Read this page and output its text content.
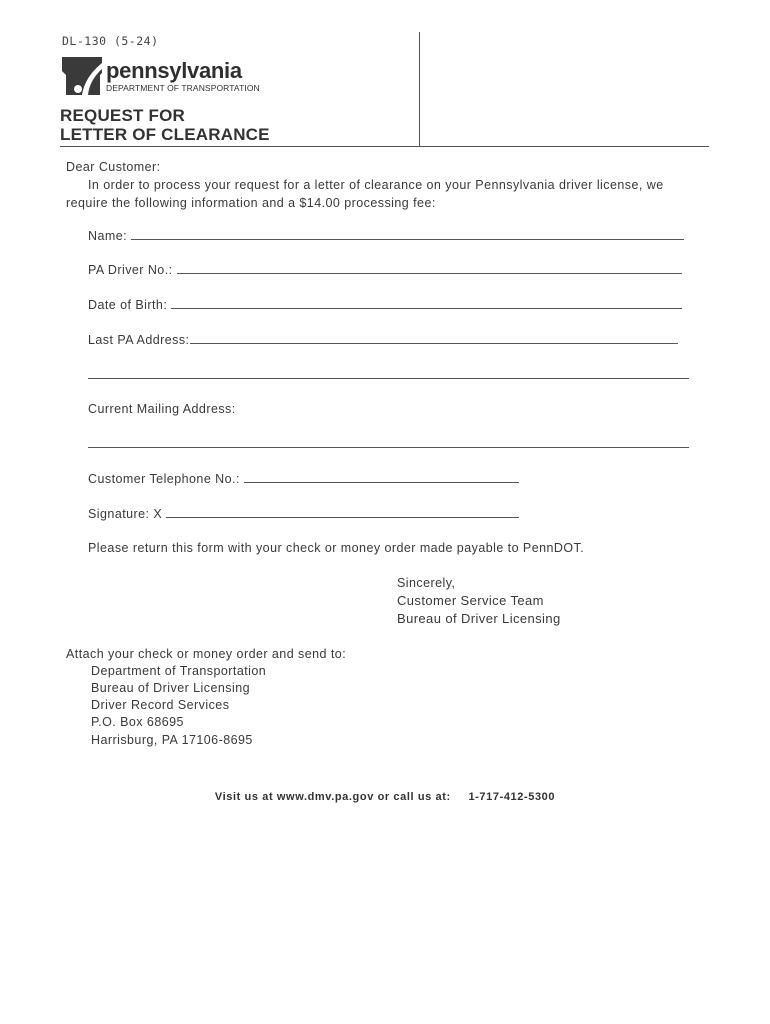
DL-130 (5-24)
pennsylvania
DEPARTMENT OF TRANSPORTATION
REQUEST FOR
LETTER OF CLEARANCE
Dear Customer:
In order to process your request for a letter of clearance on your Pennsylvania driver license, we
require the following information and a $14.00 processing fee:
Name:
PA Driver No.:
Date of Birth:
Last PA Address:
Current Mailing Address:
Customer Telephone No.:
Signature: X
Please return this form with your check or money order made payable to PennDOT.
Sincerely,
Customer Service Team
Bureau of Driver Licensing
Attach your check or money order and send to:
Department of Transportation
Bureau of Driver Licensing
Driver Record Services
P.O. Box 68695
Harrisburg, PA 17106-8695
Visit us at www.dmv.pa.gov or call us at: 1-717-412-5300
